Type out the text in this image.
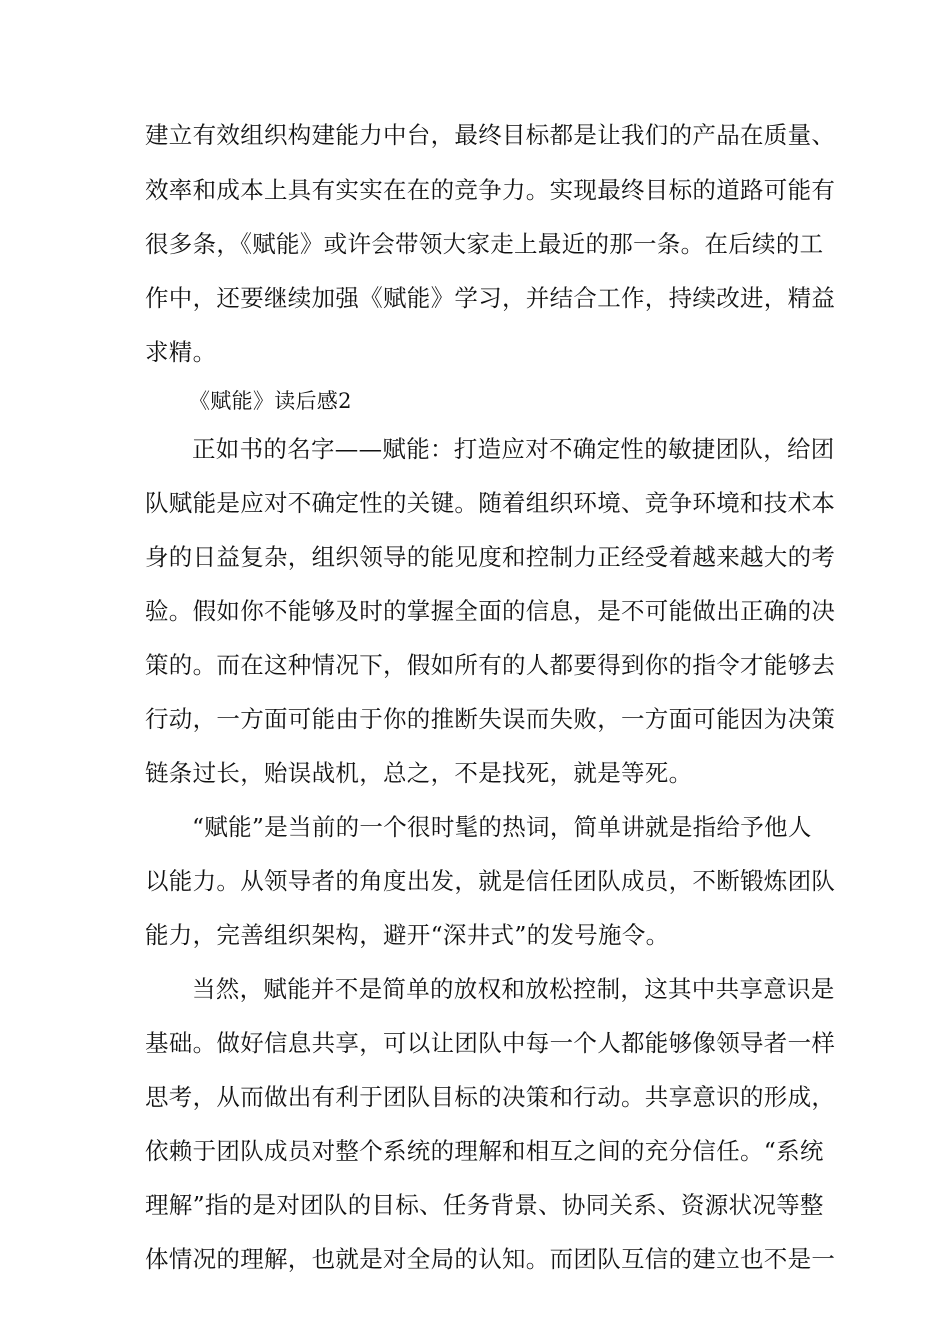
建立有效组织构建能力中台，最终目标都是让我们的产品在质量、
效率和成本上具有实实在在的竞争力。实现最终目标的道路可能有
很多条，《赋能》或许会带领大家走上最近的那一条。在后续的工
作中，还要继续加强《赋能》学习，并结合工作，持续改进，精益
求精。
《赋能》读后感2
正如书的名字——赋能：打造应对不确定性的敏捷团队，给团
队赋能是应对不确定性的关键。随着组织环境、竞争环境和技术本
身的日益复杂，组织领导的能见度和控制力正经受着越来越大的考
验。假如你不能够及时的掌握全面的信息，是不可能做出正确的决
策的。而在这种情况下，假如所有的人都要得到你的指令才能够去
行动，一方面可能由于你的推断失误而失败，一方面可能因为决策
链条过长，贻误战机，总之，不是找死，就是等死。
“赋能”是当前的一个很时髦的热词，简单讲就是指给予他人
以能力。从领导者的角度出发，就是信任团队成员，不断锻炼团队
能力，完善组织架构，避开“深井式”的发号施令。
当然，赋能并不是简单的放权和放松控制，这其中共享意识是
基础。做好信息共享，可以让团队中每一个人都能够像领导者一样
思考，从而做出有利于团队目标的决策和行动。共享意识的形成，
依赖于团队成员对整个系统的理解和相互之间的充分信任。“系统
理解”指的是对团队的目标、任务背景、协同关系、资源状况等整
体情况的理解，也就是对全局的认知。而团队互信的建立也不是一
